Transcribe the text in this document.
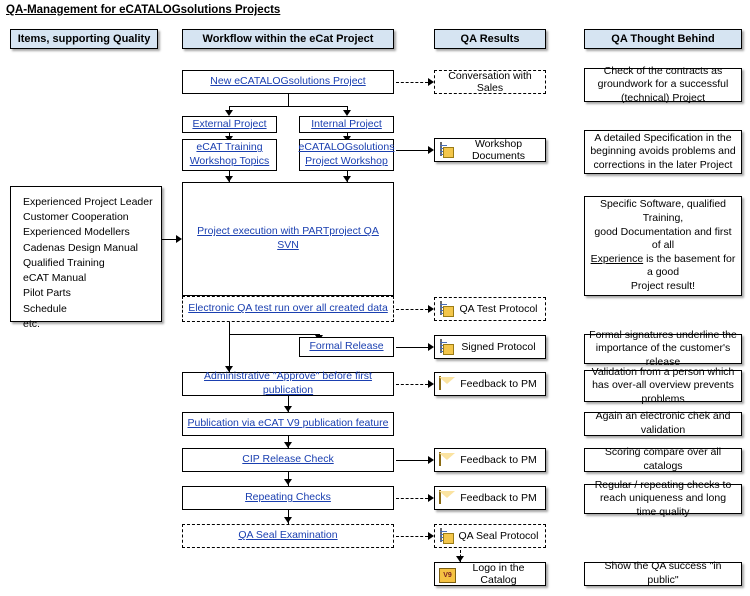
QA-Management for eCATALOGsolutions Projects
Items, supporting Quality	Workflow within the eCat Project	QA Results	QA Thought Behind
Experienced Project Leader
Customer Cooperation
Experienced Modellers
Cadenas Design Manual
Qualified Training
eCAT Manual
Pilot Parts
Schedule
etc.
New eCATALOGsolutions Project
External Project	Internal Project
eCAT Training
Workshop Topics
eCATALOGsolutions
Project Workshop
Project execution with PARTproject QA SVN
Electronic QA test run over all created data
Formal Release
Administrative "Approve" before first publication
Publication via eCAT V9 publication feature
CIP Release Check
Repeating Checks
QA Seal Examination
Conversation with Sales
Workshop Documents
QA Test Protocol
Signed Protocol
Feedback to PM
Feedback to PM
Feedback to PM
QA Seal Protocol
V9
Logo in the Catalog
Check of the contracts as groundwork for a successful (technical) Project
A detailed Specification in the beginning avoids problems and corrections in the later Project
Specific Software, qualified Training,
good Documentation and first of all
Experience is the basement for a good
Project result!
Formal signatures underline the importance of the customer's release
Validation from a person which has over-all overview prevents problems
Again an electronic chek and validation
Scoring compare over all catalogs
Regular / repeating checks to reach uniqueness and long time quality
Show the QA success "in public"
